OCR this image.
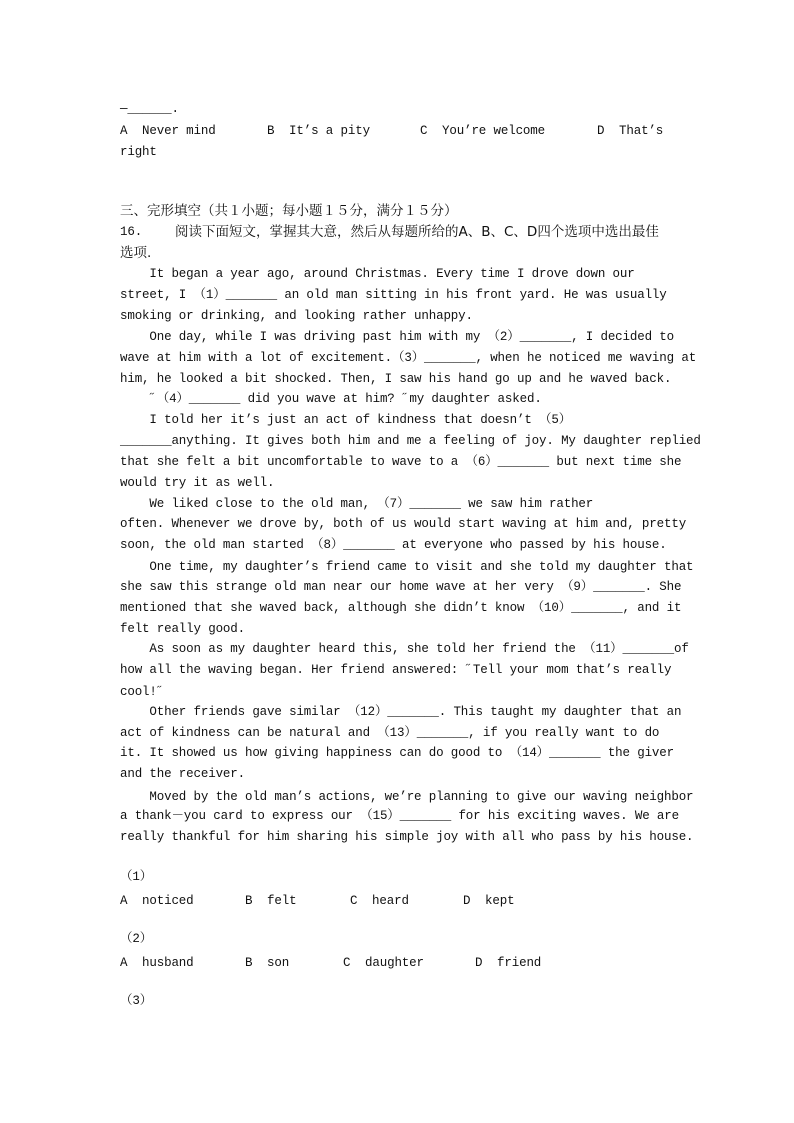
—______.
A  Never mind	B  It’s a pity	C  You’re welcome	D  That’s
right
三、完形填空（共１小题；每小题１５分，满分１５分）
16. 阅读下面短文，掌握其大意，然后从每题所给的A、B、C、D四个选项中选出最佳
选项.
It began a year ago, around Christmas. Every time I drove down our
street, I （1）_______ an old man sitting in his front yard. He was usually
smoking or drinking, and looking rather unhappy.
One day, while I was driving past him with my （2）_______, I decided to
wave at him with a lot of excitement.（3）_______, when he noticed me waving at
him, he looked a bit shocked. Then, I saw his hand go up and he waved back.
˝（4）_______ did you wave at him? ˝my daughter asked.
I told her it’s just an act of kindness that doesn’t （5）
_______anything. It gives both him and me a feeling of joy. My daughter replied
that she felt a bit uncomfortable to wave to a （6）_______ but next time she
would try it as well.
We liked close to the old man, （7）_______ we saw him rather
often. Whenever we drove by, both of us would start waving at him and, pretty
soon, the old man started （8）_______ at everyone who passed by his house.
One time, my daughter’s friend came to visit and she told my daughter that
she saw this strange old man near our home wave at her very （9）_______. She
mentioned that she waved back, although she didn’t know （10）_______, and it
felt really good.
As soon as my daughter heard this, she told her friend the （11）_______of
how all the waving began. Her friend answered: ˝Tell your mom that’s really
cool!˝
Other friends gave similar （12）_______. This taught my daughter that an
act of kindness can be natural and （13）_______, if you really want to do
it. It showed us how giving happiness can do good to （14）_______ the giver
and the receiver.
Moved by the old man’s actions, we’re planning to give our waving neighbor
a thank－you card to express our （15）_______ for his exciting waves. We are
really thankful for him sharing his simple joy with all who pass by his house.
（1）
A  noticed	B  felt	C  heard	D  kept
（2）
A  husband	B  son	C  daughter	D  friend
（3）
